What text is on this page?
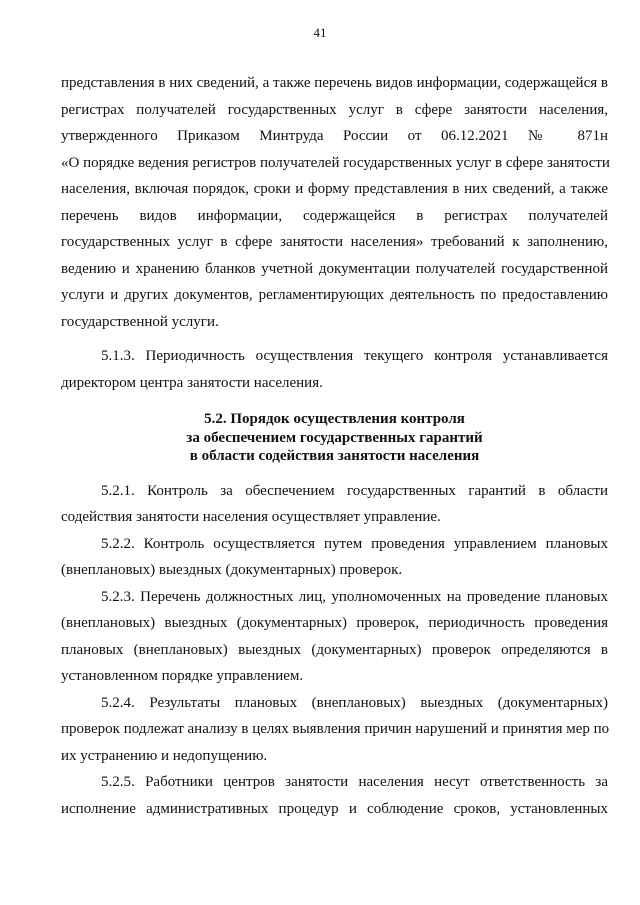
41
представления в них сведений, а также перечень видов информации, содержащейся в
регистрах получателей государственных услуг в сфере занятости населения,
утвержденного Приказом Минтруда России от 06.12.2021 № 871н
«О порядке ведения регистров получателей государственных услуг в сфере занятости
населения, включая порядок, сроки и форму представления в них сведений, а также
перечень видов информации, содержащейся в регистрах получателей
государственных услуг в сфере занятости населения» требований к заполнению,
ведению и хранению бланков учетной документации получателей государственной
услуги и других документов, регламентирующих деятельность по предоставлению
государственной услуги.
5.1.3. Периодичность осуществления текущего контроля устанавливается
директором центра занятости населения.
5.2. Порядок осуществления контроля
за обеспечением государственных гарантий
в области содействия занятости населения
5.2.1. Контроль за обеспечением государственных гарантий в области
содействия занятости населения осуществляет управление.
5.2.2. Контроль осуществляется путем проведения управлением плановых
(внеплановых) выездных (документарных) проверок.
5.2.3. Перечень должностных лиц, уполномоченных на проведение плановых
(внеплановых) выездных (документарных) проверок, периодичность проведения
плановых (внеплановых) выездных (документарных) проверок определяются в
установленном порядке управлением.
5.2.4. Результаты плановых (внеплановых) выездных (документарных)
проверок подлежат анализу в целях выявления причин нарушений и принятия мер по
их устранению и недопущению.
5.2.5. Работники центров занятости населения несут ответственность за
исполнение административных процедур и соблюдение сроков, установленных
